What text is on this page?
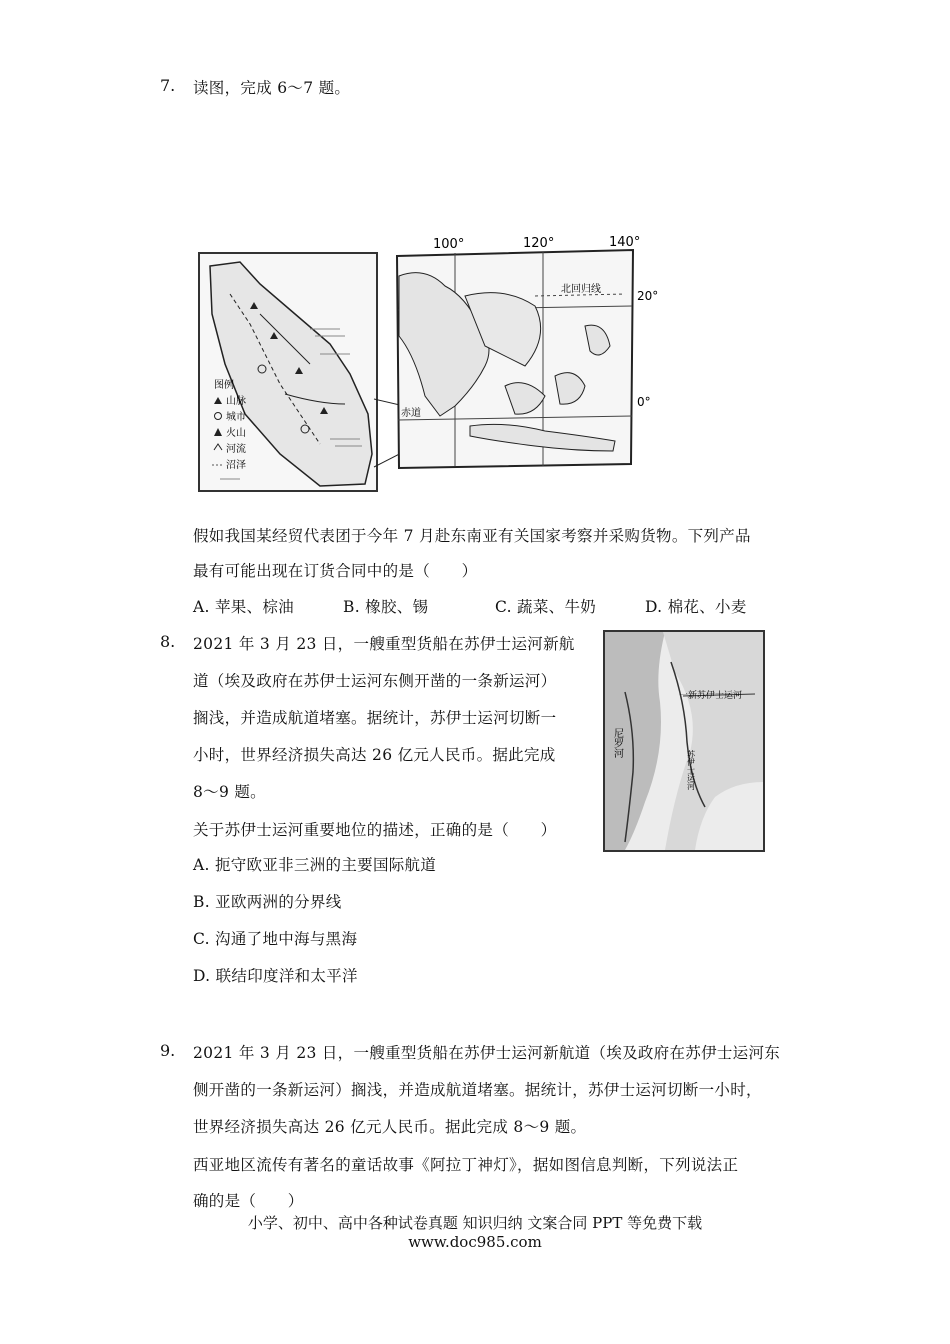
7. 读图，完成 6～7 题。
图例
山脉
城市
火山
河流
沼泽
100°	120°	140°
20°
0°
北回归线
赤道
假如我国某经贸代表团于今年 7 月赴东南亚有关国家考察并采购货物。下列产品
最有可能出现在订货合同中的是（　　）
A. 苹果、棕油	B. 橡胶、锡	C. 蔬菜、牛奶	D. 棉花、小麦
8. 2021 年 3 月 23 日，一艘重型货船在苏伊士运河新航
道（埃及政府在苏伊士运河东侧开凿的一条新运河）
搁浅，并造成航道堵塞。据统计，苏伊士运河切断一
小时，世界经济损失高达 26 亿元人民币。据此完成
8～9 题。
关于苏伊士运河重要地位的描述，正确的是（　　）
A. 扼守欧亚非三洲的主要国际航道
B. 亚欧两洲的分界线
C. 沟通了地中海与黑海
D. 联结印度洋和太平洋
一新苏伊士运河
尼罗河
苏伊士运河
9. 2021 年 3 月 23 日，一艘重型货船在苏伊士运河新航道（埃及政府在苏伊士运河东
侧开凿的一条新运河）搁浅，并造成航道堵塞。据统计，苏伊士运河切断一小时，
世界经济损失高达 26 亿元人民币。据此完成 8～9 题。
西亚地区流传有著名的童话故事《阿拉丁神灯》，据如图信息判断，下列说法正
确的是（　　）
小学、初中、高中各种试卷真题 知识归纳 文案合同 PPT 等免费下载
www.doc985.com
